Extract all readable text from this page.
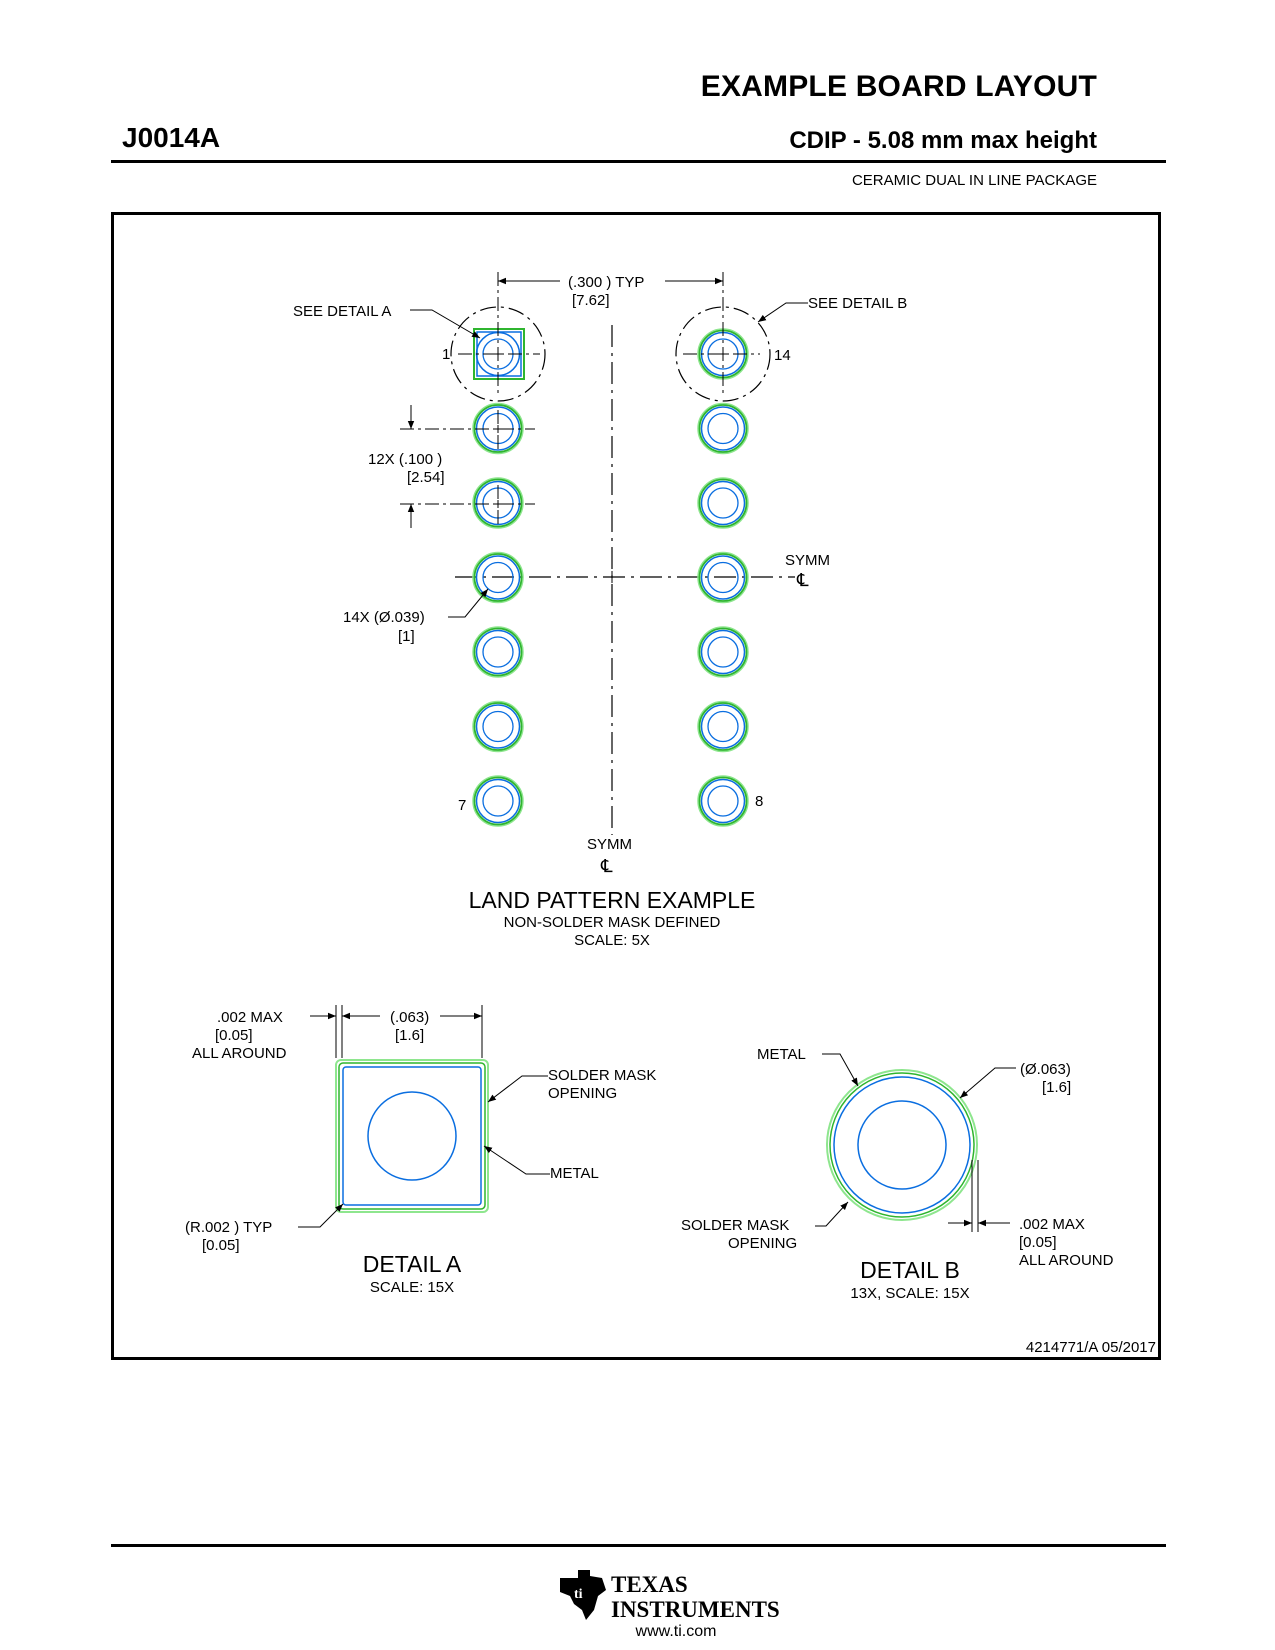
EXAMPLE BOARD LAYOUT
J0014A	CDIP - 5.08 mm max height
CERAMIC DUAL IN LINE PACKAGE
(.300 ) TYP
[7.62]
SEE DETAIL A	SEE DETAIL B
1	14
7	8
12X (.100 )
[2.54]
14X (Ø.039)
[1]
SYMM
℄
SYMM
℄
LAND PATTERN EXAMPLE
NON-SOLDER MASK DEFINED
SCALE: 5X
.002 MAX
[0.05]
ALL AROUND
(.063)
[1.6]
SOLDER MASK
OPENING
METAL
(R.002 ) TYP
[0.05]
DETAIL A
SCALE: 15X
METAL
(Ø.063)
[1.6]
SOLDER MASK
OPENING
.002 MAX
[0.05]
ALL AROUND
DETAIL B
13X, SCALE: 15X
4214771/A 05/2017
ti TEXAS
INSTRUMENTS
www.ti.com
